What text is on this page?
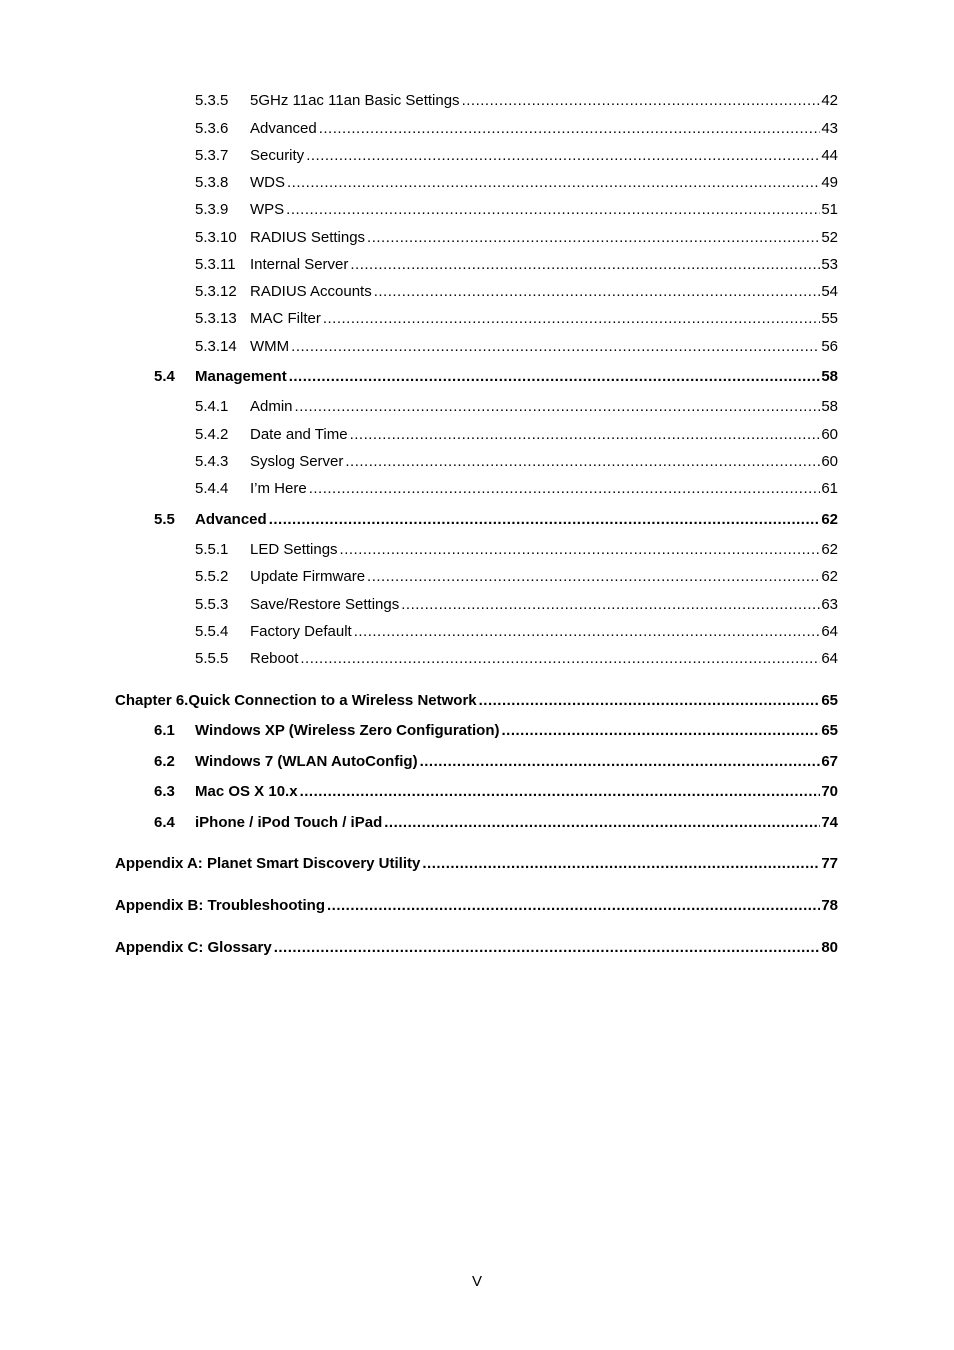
5.3.5	5GHz 11ac 11an Basic Settings .....	42
5.3.6	Advanced .....	43
5.3.7	Security .....	44
5.3.8	WDS .....	49
5.3.9	WPS .....	51
5.3.10 RADIUS Settings .....	52
5.3.11 Internal Server .....	53
5.3.12 RADIUS Accounts .....	54
5.3.13 MAC Filter .....	55
5.3.14 WMM .....	56
5.4	Management .....	58
5.4.1	Admin .....	58
5.4.2	Date and Time .....	60
5.4.3	Syslog Server .....	60
5.4.4	I’m Here .....	61
5.5	Advanced .....	62
5.5.1	LED Settings .....	62
5.5.2	Update Firmware .....	62
5.5.3	Save/Restore Settings .....	63
5.5.4	Factory Default .....	64
5.5.5	Reboot .....	64
Chapter 6. Quick Connection to a Wireless Network .....	65
6.1	Windows XP (Wireless Zero Configuration) .....	65
6.2	Windows 7 (WLAN AutoConfig) .....	67
6.3	Mac OS X 10.x .....	70
6.4	iPhone / iPod Touch / iPad .....	74
Appendix A: Planet Smart Discovery Utility .....	77
Appendix B: Troubleshooting .....	78
Appendix C: Glossary .....	80
V
